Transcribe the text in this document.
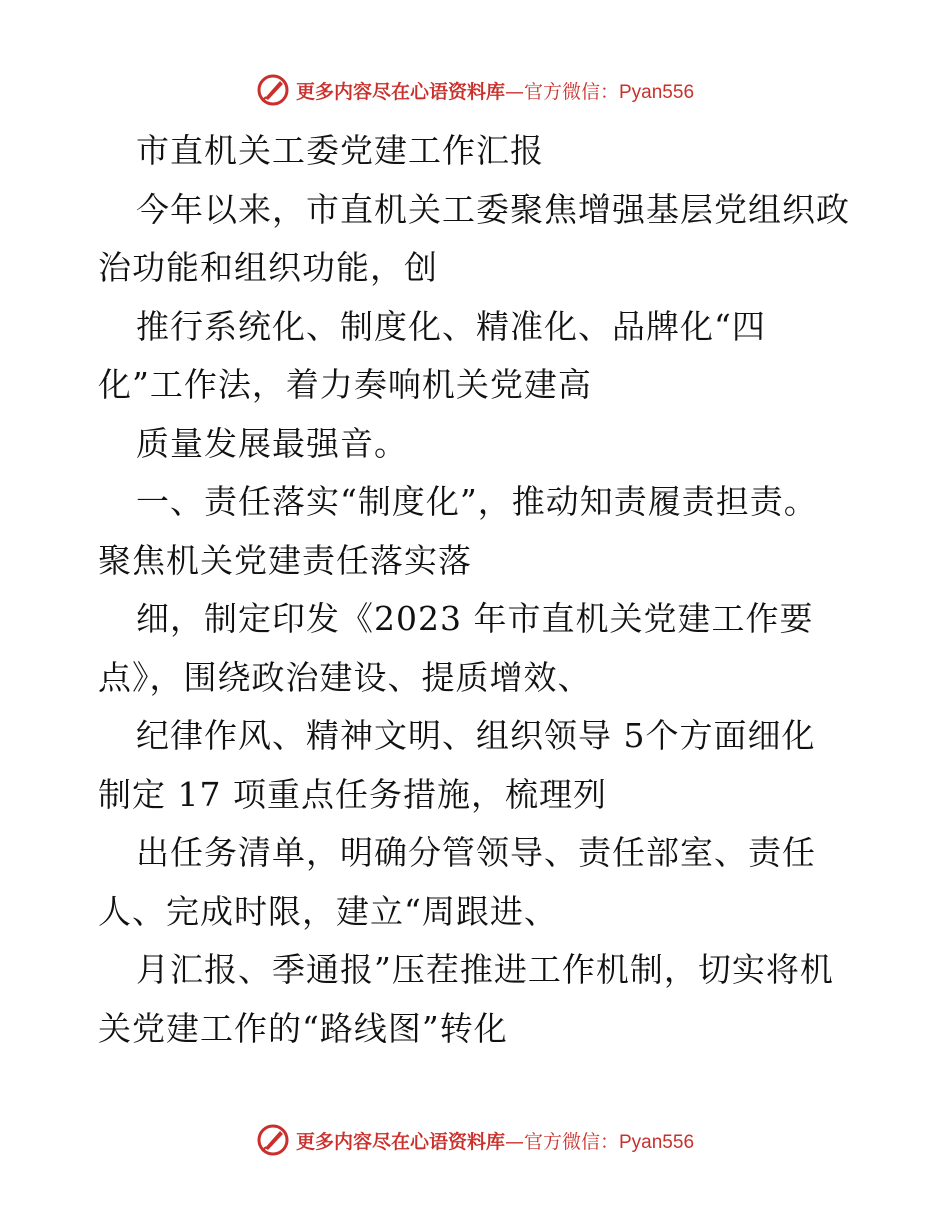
更多内容尽在心语资料库—官方微信：Pyan556
市直机关工委党建工作汇报
今年以来，市直机关工委聚焦增强基层党组织政
治功能和组织功能，创
推行系统化、制度化、精准化、品牌化“四
化”工作法，着力奏响机关党建高
质量发展最强音。
一、责任落实“制度化”，推动知责履责担责。
聚焦机关党建责任落实落
细，制定印发《2023 年市直机关党建工作要
点》，围绕政治建设、提质增效、
纪律作风、精神文明、组织领导 5个方面细化
制定 17 项重点任务措施，梳理列
出任务清单，明确分管领导、责任部室、责任
人、完成时限，建立“周跟进、
月汇报、季通报”压茬推进工作机制，切实将机
关党建工作的“路线图”转化
更多内容尽在心语资料库—官方微信：Pyan556
